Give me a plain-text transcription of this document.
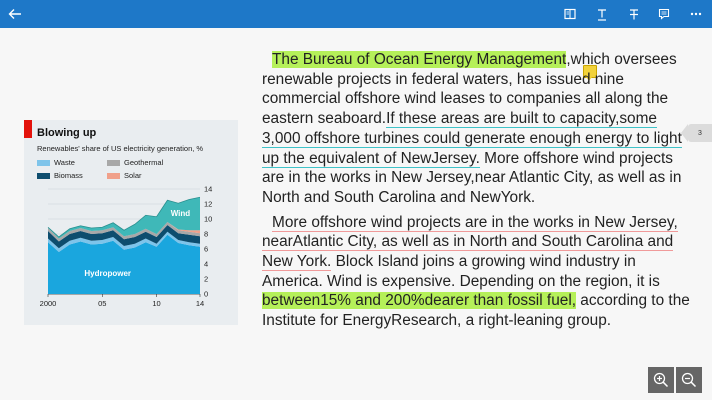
3
Blowing up
Renewables' share of US electricity generation, %
Waste	Geothermal
Biomass	Solar
0
2
4
6
8
10
12
14
2000	05	10	14
Hydropower
Wind

The Bureau of Ocean Energy Management,which oversees renewable projects in federal waters, has issued nine commercial offshore wind leases to companies all along the eastern seaboard.If these areas are built to capacity,some 3,000 offshore turbines could generate enough energy to light up the equivalent of NewJersey. More offshore wind projects are in the works in New Jersey,near Atlantic City, as well as in North and South Carolina and NewYork.

More offshore wind projects are in the works in New Jersey, nearAtlantic City, as well as in North and South Carolina and New York. Block Island joins a growing wind industry in America. Wind is expensive. Depending on the region, it is between15% and 200%dearer than fossil fuel, according to the Institute for EnergyResearch, a right-leaning group.
